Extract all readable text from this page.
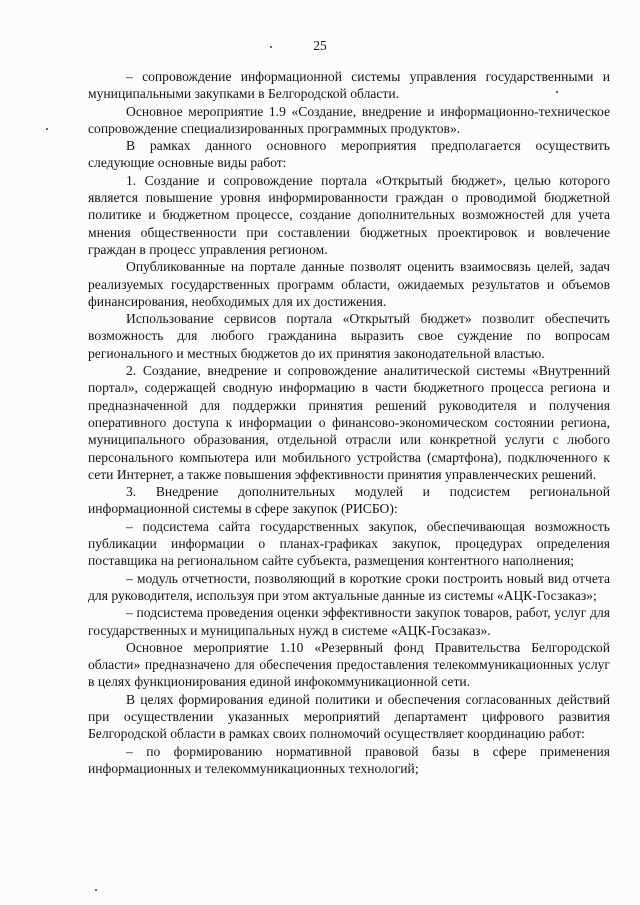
25

– сопровождение информационной системы управления государственными и муниципальными закупками в Белгородской области.

Основное мероприятие 1.9 «Создание, внедрение и информационно-техническое сопровождение специализированных программных продуктов».

В рамках данного основного мероприятия предполагается осуществить следующие основные виды работ:

1. Создание и сопровождение портала «Открытый бюджет», целью которого является повышение уровня информированности граждан о проводимой бюджетной политике и бюджетном процессе, создание дополнительных возможностей для учета мнения общественности при составлении бюджетных проектировок и вовлечение граждан в процесс управления регионом.

Опубликованные на портале данные позволят оценить взаимосвязь целей, задач реализуемых государственных программ области, ожидаемых результатов и объемов финансирования, необходимых для их достижения.

Использование сервисов портала «Открытый бюджет» позволит обеспечить возможность для любого гражданина выразить свое суждение по вопросам регионального и местных бюджетов до их принятия законодательной властью.

2. Создание, внедрение и сопровождение аналитической системы «Внутренний портал», содержащей сводную информацию в части бюджетного процесса региона и предназначенной для поддержки принятия решений руководителя и получения оперативного доступа к информации о финансово-экономическом состоянии региона, муниципального образования, отдельной отрасли или конкретной услуги с любого персонального компьютера или мобильного устройства (смартфона), подключенного к сети Интернет, а также повышения эффективности принятия управленческих решений.

3. Внедрение дополнительных модулей и подсистем региональной информационной системы в сфере закупок (РИСБО):

– подсистема сайта государственных закупок, обеспечивающая возможность публикации информации о планах-графиках закупок, процедурах определения поставщика на региональном сайте субъекта, размещения контентного наполнения;

– модуль отчетности, позволяющий в короткие сроки построить новый вид отчета для руководителя, используя при этом актуальные данные из системы «АЦК-Госзаказ»;

– подсистема проведения оценки эффективности закупок товаров, работ, услуг для государственных и муниципальных нужд в системе «АЦК-Госзаказ».

Основное мероприятие 1.10 «Резервный фонд Правительства Белгородской области» предназначено для обеспечения предоставления телекоммуникационных услуг в целях функционирования единой инфокоммуникационной сети.

В целях формирования единой политики и обеспечения согласованных действий при осуществлении указанных мероприятий департамент цифрового развития Белгородской области в рамках своих полномочий осуществляет координацию работ:

– по формированию нормативной правовой базы в сфере применения информационных и телекоммуникационных технологий;
